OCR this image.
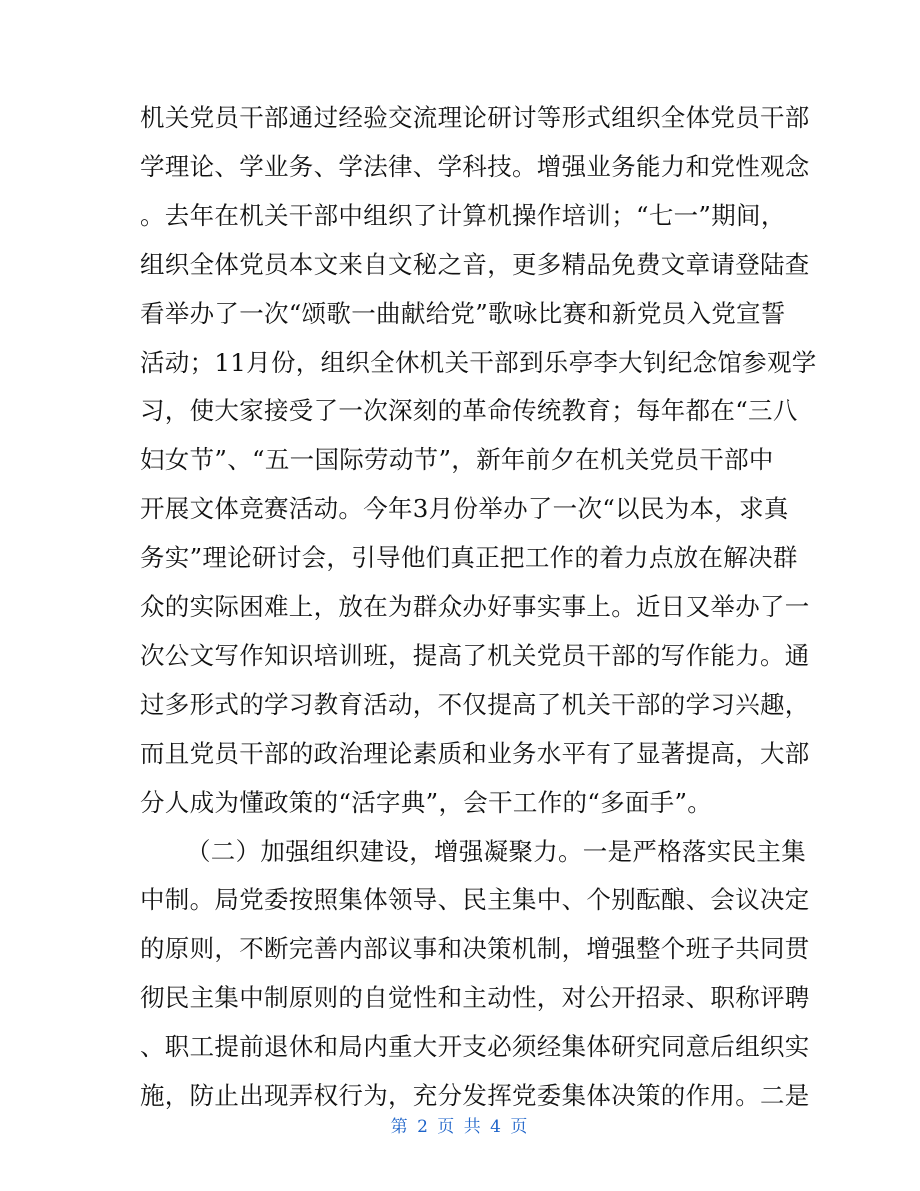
机关党员干部通过经验交流理论研讨等形式组织全体党员干部
学理论、学业务、学法律、学科技。增强业务能力和党性观念
。去年在机关干部中组织了计算机操作培训；“七一”期间，
组织全体党员本文来自文秘之音，更多精品免费文章请登陆查
看举办了一次“颂歌一曲献给党”歌咏比赛和新党员入党宣誓
活动；11月份，组织全休机关干部到乐亭李大钊纪念馆参观学
习，使大家接受了一次深刻的革命传统教育；每年都在“三八
妇女节”、“五一国际劳动节”，新年前夕在机关党员干部中
开展文体竞赛活动。今年3月份举办了一次“以民为本，求真
务实”理论研讨会，引导他们真正把工作的着力点放在解决群
众的实际困难上，放在为群众办好事实事上。近日又举办了一
次公文写作知识培训班，提高了机关党员干部的写作能力。通
过多形式的学习教育活动，不仅提高了机关干部的学习兴趣，
而且党员干部的政治理论素质和业务水平有了显著提高，大部
分人成为懂政策的“活字典”，会干工作的“多面手”。
（二）加强组织建设，增强凝聚力。一是严格落实民主集
中制。局党委按照集体领导、民主集中、个别酝酿、会议决定
的原则，不断完善内部议事和决策机制，增强整个班子共同贯
彻民主集中制原则的自觉性和主动性，对公开招录、职称评聘
、职工提前退休和局内重大开支必须经集体研究同意后组织实
施，防止出现弄权行为，充分发挥党委集体决策的作用。二是
第 2 页 共 4 页
